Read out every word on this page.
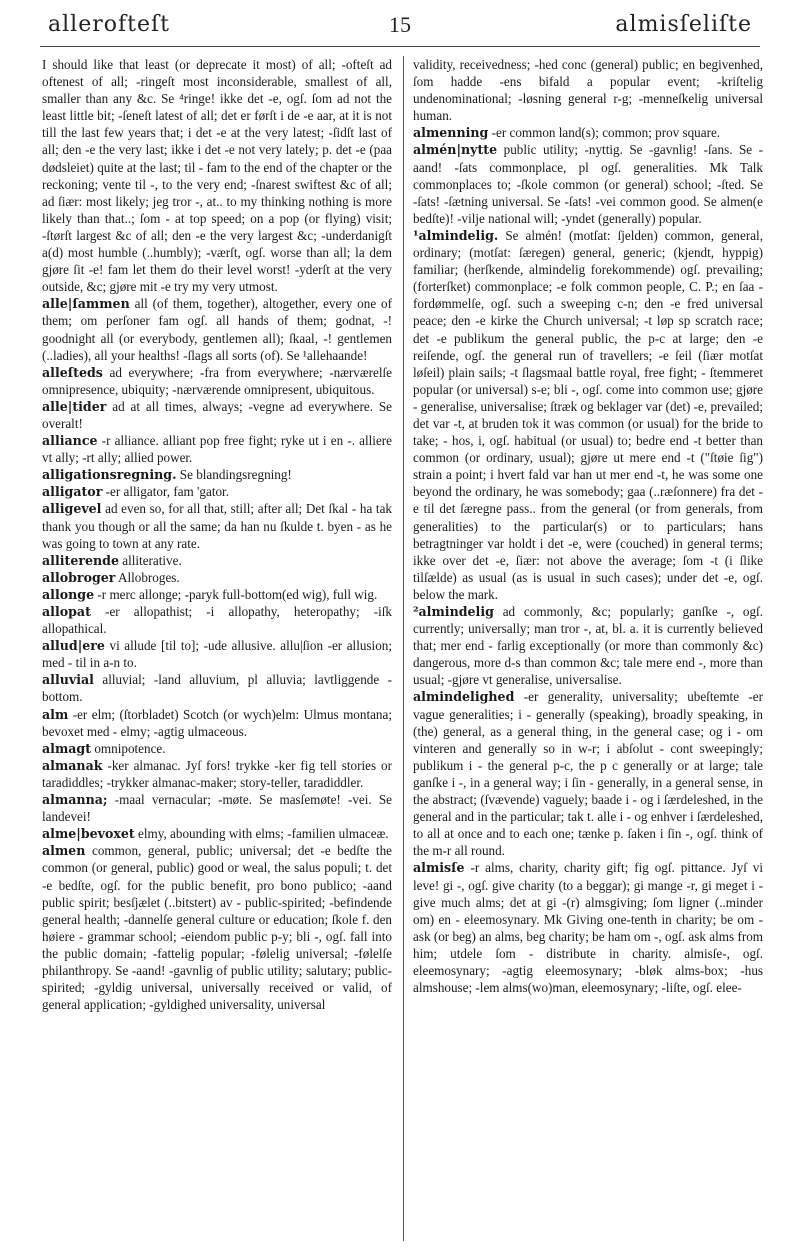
allerofteſt	15	almisſeliſte

I should like that least (or deprecate it most) of all; -ofteſt ad oftenest of all; -ringeſt most inconsiderable, smallest of all, smaller than any &c. Se ⁴ringe! ikke det -e, ogſ. ſom ad not the least little bit; -ſeneſt latest of all; det er førſt i de -e aar, at it is not till the last few years that; i det -e at the very latest; -ſidſt last of all; den -e the very last; ikke i det -e not very lately; p. det -e (paa dødsleiet) quite at the last; til - fam to the end of the chapter or the reckoning; vente til -, to the very end; -ſnarest swiftest &c of all; ad ſiær: most likely; jeg tror -, at.. to my thinking nothing is more likely than that..; ſom - at top speed; on a pop (or flying) visit; -ſtørſt largest &c of all; den -e the very largest &c; -underdanigſt a(d) most humble (..humbly); -værſt, ogſ. worse than all; la dem gjøre ſit -e! fam let them do their level worst! -yderſt at the very outside, &c; gjøre mit -e try my very utmost.

alle|ſammen all (of them, together), altogether, every one of them; om perſoner fam ogſ. all hands of them; godnat, -! goodnight all (or everybody, gentlemen all); ſkaal, -! gentlemen (..ladies), all your healths! -ſlags all sorts (of). Se ¹allehaande!

alleſteds ad everywhere; -fra from everywhere; -nærværelſe omnipresence, ubiquity; -nærværende omnipresent, ubiquitous.

alle|tider ad at all times, always; -vegne ad everywhere. Se overalt!

alliance -r alliance. alliant pop free fight; ryke ut i en -. alliere vt ally; -rt ally; allied power.

alligationsregning. Se blandingsregning!

alligator -er alligator, fam 'gator.

alligevel ad even so, for all that, still; after all; Det ſkal - ha tak thank you though or all the same; da han nu ſkulde t. byen - as he was going to town at any rate.

alliterende alliterative.

allobroger Allobroges.

allonge -r merc allonge; -paryk full-bottom(ed wig), full wig.

allopat -er allopathist; -i allopathy, heteropathy; -iſk allopathical.

allud|ere vi allude [til to]; -ude allusive. allu|ſion -er allusion; med - til in a-n to.

alluvial alluvial; -land alluvium, pl alluvia; lavtliggende - bottom.

alm -er elm; (ſtorbladet) Scotch (or wych)elm: Ulmus montana; bevoxet med - elmy; -agtig ulmaceous.

almagt omnipotence.

almanak -ker almanac. Jyſ fors! trykke -ker fig tell stories or taradiddles; -trykker almanac-maker; story-teller, taradiddler.

almanna; -maal vernacular; -møte. Se masſemøte! -vei. Se landevei!

alme|bevoxet elmy, abounding with elms; -familien ulmaceæ.

almen common, general, public; universal; det -e bedſte the common (or general, public) good or weal, the salus populi; t. det -e bedſte, ogſ. for the public benefit, pro bono publico; -aand public spirit; besſjælet (..bitstert) av - public-spirited; -befindende general health; -dannelſe general culture or education; ſkole f. den høiere - grammar school; -eiendom public p-y; bli -, ogſ. fall into the public domain; -fattelig popular; -følelig universal; -følelſe philanthropy. Se -aand! -gavnlig of public utility; salutary; public-spirited; -gyldig universal, universally received or valid, of general application; -gyldighed universality, universal

validity, receivedness; -hed conc (general) public; en begivenhed, ſom hadde -ens bifald a popular event; -kriſtelig undenominational; -løsning general r-g; -menneſkelig universal human.

almenning -er common land(s); common; prov square.

almén|nytte public utility; -nyttig. Se -gavnlig! -ſans. Se -aand! -ſats commonplace, pl ogſ. generalities. Mk Talk commonplaces to; -ſkole common (or general) school; -ſted. Se -ſats! -ſætning universal. Se -ſats! -vei common good. Se almen(e bedſte)! -vilje national will; -yndet (generally) popular.

¹almindelig. Se almén! (motſat: ſjelden) common, general, ordinary; (motſat: ſæregen) general, generic; (kjendt, hyppig) familiar; (herſkende, almindelig forekommende) ogſ. prevailing; (forterſket) commonplace; -e folk common people, C. P.; en ſaa - fordømmelſe, ogſ. such a sweeping c-n; den -e fred universal peace; den -e kirke the Church universal; -t løp sp scratch race; det -e publikum the general public, the p-c at large; den -e reiſende, ogſ. the general run of travellers; -e ſeil (ſiær motſat løſeil) plain sails; -t ſlagsmaal battle royal, free fight; - ſtemmeret popular (or universal) s-e; bli -, ogſ. come into common use; gjøre - generalise, universalise; ſtræk og beklager var (det) -e, prevailed; det var -t, at bruden tok it was common (or usual) for the bride to take; - hos, i, ogſ. habitual (or usual) to; bedre end -t better than common (or ordinary, usual); gjøre ut mere end -t ("ſtøie ſig") strain a point; i hvert fald var han ut mer end -t, he was some one beyond the ordinary, he was somebody; gaa (..ræſonnere) fra det -e til det ſæregne pass.. from the general (or from generals, from generalities) to the particular(s) or to particulars; hans betragtninger var holdt i det -e, were (couched) in general terms; ikke over det -e, ſiær: not above the average; ſom -t (i ſlike tilſælde) as usual (as is usual in such cases); under det -e, ogſ. below the mark.

²almindelig ad commonly, &c; popularly; ganſke -, ogſ. currently; universally; man tror -, at, bl. a. it is currently believed that; mer end - farlig exceptionally (or more than commonly &c) dangerous, more d-s than common &c; tale mere end -, more than usual; -gjøre vt generalise, universalise.

almindelighed -er generality, universality; ubeſtemte -er vague generalities; i - generally (speaking), broadly speaking, in (the) general, as a general thing, in the general case; og i - om vinteren and generally so in w-r; i abſolut - cont sweepingly; publikum i - the general p-c, the p c generally or at large; tale ganſke i -, in a general way; i ſin - generally, in a general sense, in the abstract; (ſvævende) vaguely; baade i - og i ſærdeleshed, in the general and in the particular; tak t. alle i - og enhver i ſærdeleshed, to all at once and to each one; tænke p. ſaken i ſin -, ogſ. think of the m-r all round.

almisſe -r alms, charity, charity gift; fig ogſ. pittance. Jyſ vi leve! gi -, ogſ. give charity (to a beggar); gi mange -r, gi meget i - give much alms; det at gi -(r) almsgiving; ſom ligner (..minder om) en - eleemosynary. Mk Giving one-tenth in charity; be om - ask (or beg) an alms, beg charity; be ham om -, ogſ. ask alms from him; utdele ſom - distribute in charity. almisſe-, ogſ. eleemosynary; -agtig eleemosynary; -bløk alms-box; -hus almshouse; -lem alms(wo)man, eleemosynary; -liſte, ogſ. elee-
